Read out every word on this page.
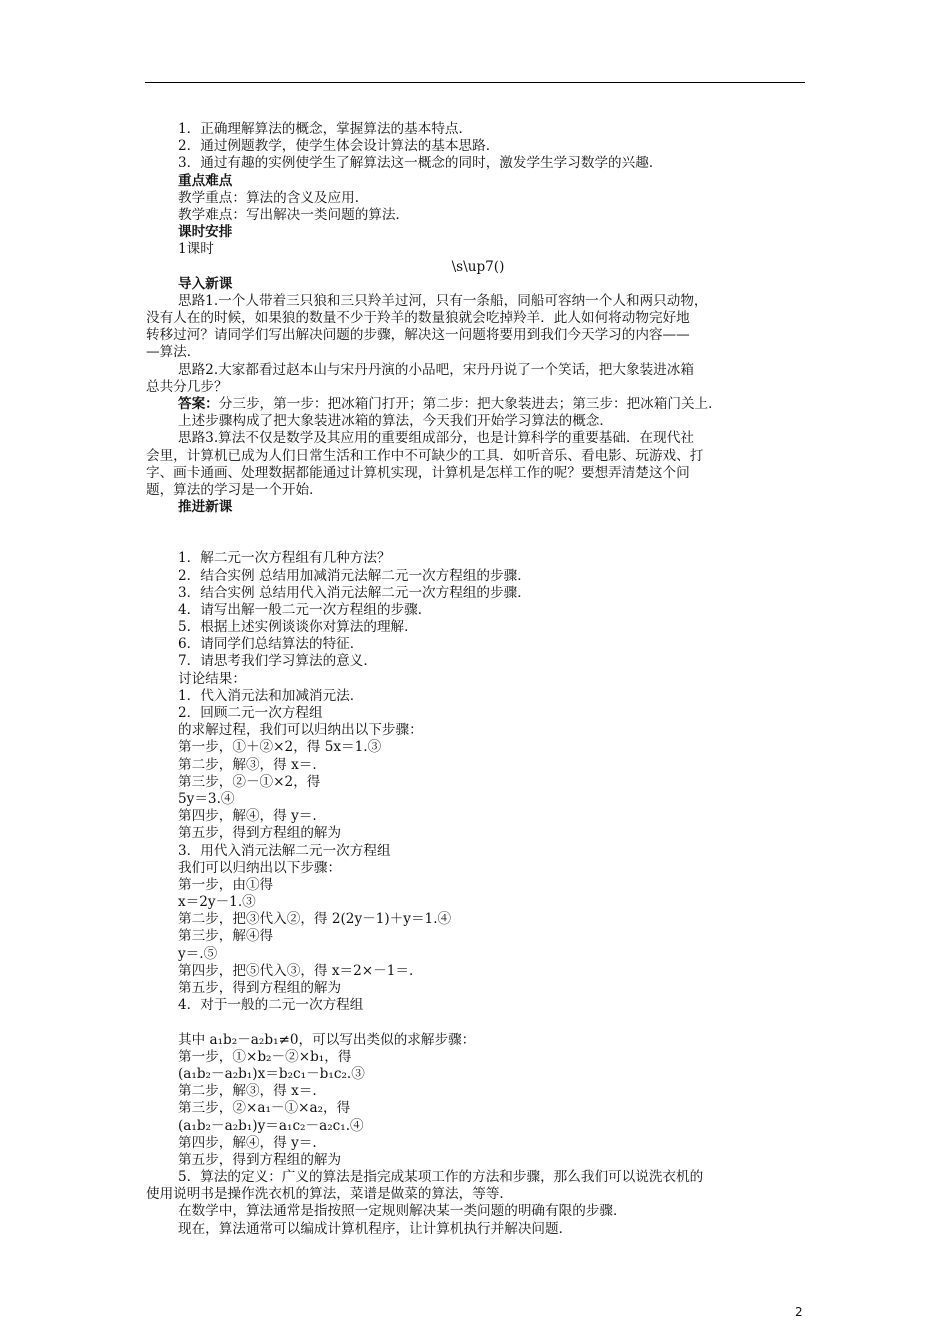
1．正确理解算法的概念，掌握算法的基本特点．
2．通过例题教学，使学生体会设计算法的基本思路．
3．通过有趣的实例使学生了解算法这一概念的同时，激发学生学习数学的兴趣．
重点难点
教学重点：算法的含义及应用．
教学难点：写出解决一类问题的算法．
课时安排
1课时
\s\up7()
导入新课
思路1.一个人带着三只狼和三只羚羊过河，只有一条船，同船可容纳一个人和两只动物，
没有人在的时候，如果狼的数量不少于羚羊的数量狼就会吃掉羚羊．此人如何将动物完好地
转移过河？请同学们写出解决问题的步骤，解决这一问题将要用到我们今天学习的内容——
—算法．
思路2.大家都看过赵本山与宋丹丹演的小品吧，宋丹丹说了一个笑话，把大象装进冰箱
总共分几步？
答案：分三步，第一步：把冰箱门打开；第二步：把大象装进去；第三步：把冰箱门关上．
上述步骤构成了把大象装进冰箱的算法，今天我们开始学习算法的概念．
思路3.算法不仅是数学及其应用的重要组成部分，也是计算科学的重要基础．在现代社
会里，计算机已成为人们日常生活和工作中不可缺少的工具．如听音乐、看电影、玩游戏、打
字、画卡通画、处理数据都能通过计算机实现，计算机是怎样工作的呢？要想弄清楚这个问
题，算法的学习是一个开始．
推进新课
1．解二元一次方程组有几种方法？
2．结合实例 总结用加减消元法解二元一次方程组的步骤．
3．结合实例 总结用代入消元法解二元一次方程组的步骤．
4．请写出解一般二元一次方程组的步骤．
5．根据上述实例谈谈你对算法的理解．
6．请同学们总结算法的特征．
7．请思考我们学习算法的意义．
讨论结果：
1．代入消元法和加减消元法．
2．回顾二元一次方程组
的求解过程，我们可以归纳出以下步骤：
第一步，①＋②×2，得 5x＝1.③
第二步，解③，得 x＝.
第三步，②－①×2，得
5y＝3.④
第四步，解④，得 y＝.
第五步，得到方程组的解为
3．用代入消元法解二元一次方程组
我们可以归纳出以下步骤：
第一步，由①得
x＝2y－1.③
第二步，把③代入②，得 2(2y－1)＋y＝1.④
第三步，解④得
y＝.⑤
第四步，把⑤代入③，得 x＝2×－1＝.
第五步，得到方程组的解为
4．对于一般的二元一次方程组
其中 a₁b₂－a₂b₁≠0，可以写出类似的求解步骤：
第一步，①×b₂－②×b₁，得
(a₁b₂－a₂b₁)x＝b₂c₁－b₁c₂.③
第二步，解③，得 x＝.
第三步，②×a₁－①×a₂，得
(a₁b₂－a₂b₁)y＝a₁c₂－a₂c₁.④
第四步，解④，得 y＝.
第五步，得到方程组的解为
5．算法的定义：广义的算法是指完成某项工作的方法和步骤，那么我们可以说洗衣机的
使用说明书是操作洗衣机的算法，菜谱是做菜的算法，等等．
在数学中，算法通常是指按照一定规则解决某一类问题的明确有限的步骤．
现在，算法通常可以编成计算机程序，让计算机执行并解决问题．
2
